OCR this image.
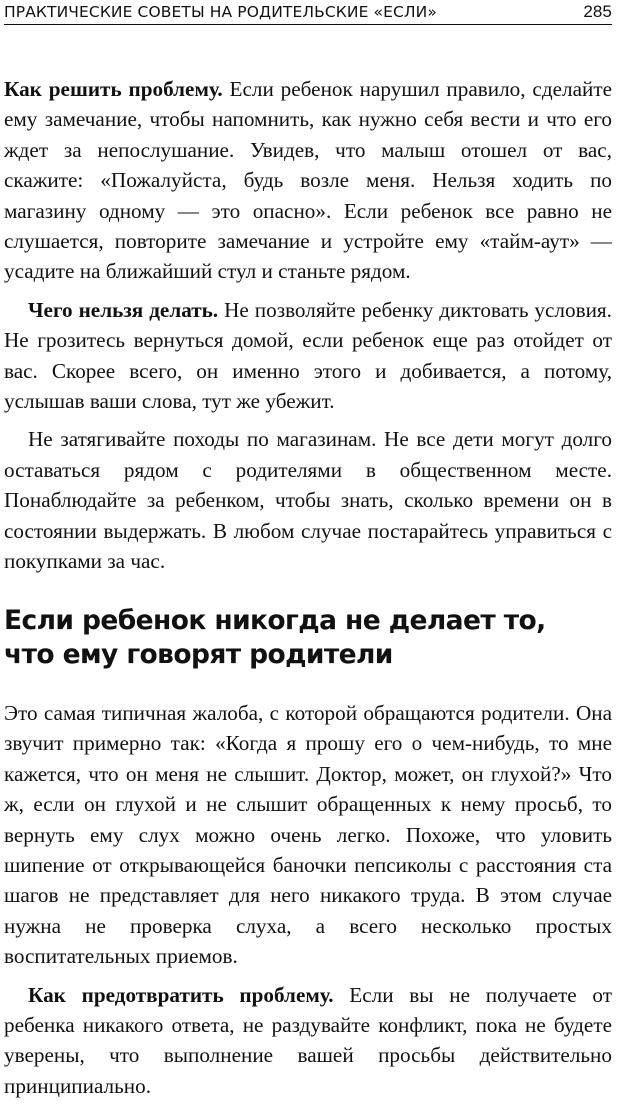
ПРАКТИЧЕСКИЕ СОВЕТЫ НА РОДИТЕЛЬСКИЕ «ЕСЛИ»	285

Как решить проблему. Если ребенок нарушил правило, сделайте ему замечание, чтобы напомнить, как нужно себя вести и что его ждет за непослушание. Увидев, что малыш отошел от вас, скажите: «Пожалуйста, будь возле меня. Нельзя ходить по магазину одному — это опасно». Если ребенок все равно не слушается, повторите замечание и устройте ему «тайм-аут» — усадите на ближайший стул и станьте рядом.

Чего нельзя делать. Не позволяйте ребенку диктовать условия. Не грозитесь вернуться домой, если ребенок еще раз отойдет от вас. Скорее всего, он именно этого и добивается, а потому, услышав ваши слова, тут же убежит.

Не затягивайте походы по магазинам. Не все дети могут долго оставаться рядом с родителями в общественном месте. Понаблюдайте за ребенком, чтобы знать, сколько времени он в состоянии выдержать. В любом случае постарайтесь управиться с покупками за час.

Если ребенок никогда не делает то,
что ему говорят родители

Это самая типичная жалоба, с которой обращаются родители. Она звучит примерно так: «Когда я прошу его о чем-нибудь, то мне кажется, что он меня не слышит. Доктор, может, он глухой?» Что ж, если он глухой и не слышит обращенных к нему просьб, то вернуть ему слух можно очень легко. Похоже, что уловить шипение от открывающейся баночки пепсиколы с расстояния ста шагов не представляет для него никакого труда. В этом случае нужна не проверка слуха, а всего несколько простых воспитательных приемов.

Как предотвратить проблему. Если вы не получаете от ребенка никакого ответа, не раздувайте конфликт, пока не будете уверены, что выполнение вашей просьбы действительно принципиально.
